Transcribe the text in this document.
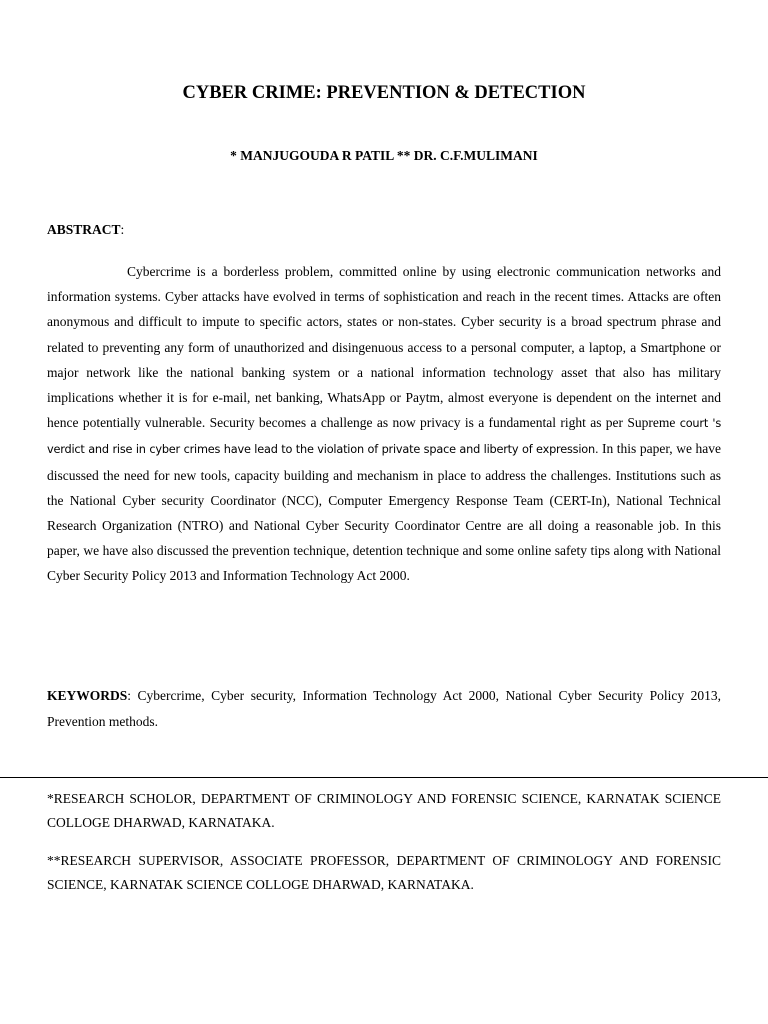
CYBER CRIME: PREVENTION & DETECTION

* MANJUGOUDA R PATIL ** DR. C.F.MULIMANI

ABSTRACT:

Cybercrime is a borderless problem, committed online by using electronic communication networks and information systems. Cyber attacks have evolved in terms of sophistication and reach in the recent times. Attacks are often anonymous and difficult to impute to specific actors, states or non-states. Cyber security is a broad spectrum phrase and related to preventing any form of unauthorized and disingenuous access to a personal computer, a laptop, a Smartphone or major network like the national banking system or a national information technology asset that also has military implications whether it is for e-mail, net banking, WhatsApp or Paytm, almost everyone is dependent on the internet and hence potentially vulnerable. Security becomes a challenge as now privacy is a fundamental right as per Supreme court 's verdict and rise in cyber crimes have lead to the violation of private space and liberty of expression. In this paper, we have discussed the need for new tools, capacity building and mechanism in place to address the challenges. Institutions such as the National Cyber security Coordinator (NCC), Computer Emergency Response Team (CERT-In), National Technical Research Organization (NTRO) and National Cyber Security Coordinator Centre are all doing a reasonable job. In this paper, we have also discussed the prevention technique, detention technique and some online safety tips along with National Cyber Security Policy 2013 and Information Technology Act 2000.

KEYWORDS: Cybercrime, Cyber security, Information Technology Act 2000, National Cyber Security Policy 2013, Prevention methods.

*RESEARCH SCHOLOR, DEPARTMENT OF CRIMINOLOGY AND FORENSIC SCIENCE, KARNATAK SCIENCE COLLOGE DHARWAD, KARNATAKA.

**RESEARCH SUPERVISOR, ASSOCIATE PROFESSOR, DEPARTMENT OF CRIMINOLOGY AND FORENSIC SCIENCE, KARNATAK SCIENCE COLLOGE DHARWAD, KARNATAKA.
